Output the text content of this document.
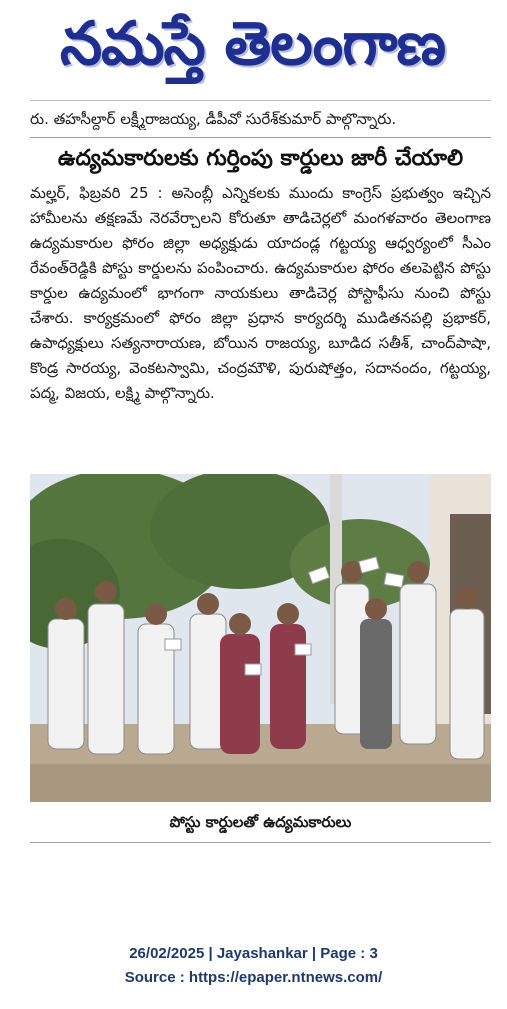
నమస్తే తెలంగాణ
రు. తహసీల్దార్ లక్ష్మీరాజయ్య, డీపీవో సురేశ్‌కుమార్ పాల్గొన్నారు.
ఉద్యమకారులకు గుర్తింపు కార్డులు జారీ చేయాలి
మల్హర్, ఫిబ్రవరి 25 : అసెంబ్లీ ఎన్నికలకు ముందు కాంగ్రెస్ ప్రభుత్వం ఇచ్చిన హామీలను తక్షణమే నెరవేర్చాలని కోరుతూ తాడిచెర్లలో మంగళవారం తెలంగాణ ఉద్యమకారుల ఫోరం జిల్లా అధ్యక్షుడు యాదండ్ల గట్టయ్య ఆధ్వర్యంలో సీఎం రేవంత్‌రెడ్డికి పోస్టు కార్డులను పంపించారు. ఉద్యమకారుల ఫోరం తలపెట్టిన పోస్టు కార్డుల ఉద్యమంలో భాగంగా నాయకులు తాడిచెర్ల పోస్టాఫీసు నుంచి పోస్టు చేశారు. కార్యక్రమంలో ఫోరం జిల్లా ప్రధాన కార్యదర్శి ముడితనపల్లి ప్రభాకర్, ఉపాధ్యక్షులు సత్యనారాయణ, బోయిన రాజయ్య, బూడిద సతీశ్, చాంద్‌పాషా, కొండ్ర సారయ్య, వెంకటస్వామి, చంద్రమౌళి, పురుషోత్తం, సదానందం, గట్టయ్య, పద్మ, విజయ, లక్ష్మి పాల్గొన్నారు.
పోస్టు కార్డులతో ఉద్యమకారులు
26/02/2025 | Jayashankar | Page : 3
Source : https://epaper.ntnews.com/
